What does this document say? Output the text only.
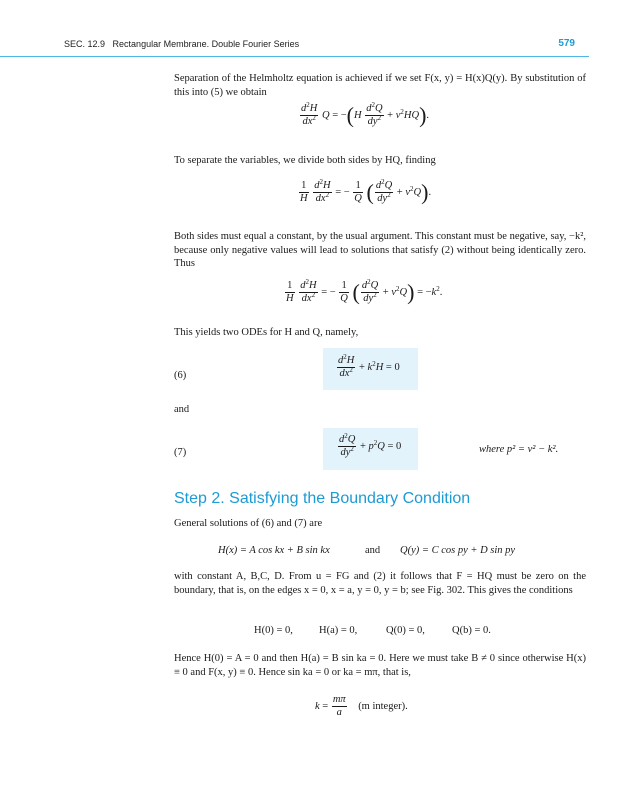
SEC. 12.9 Rectangular Membrane. Double Fourier Series	579

Separation of the Helmholtz equation is achieved if we set F(x, y) = H(x)Q(y). By substitution of this into (5) we obtain

$\frac{d^2H}{dx^2}$ $Q = -(H \frac{d^2Q}{dy^2} + \nu^2HQ)$.

To separate the variables, we divide both sides by HQ, finding

$\frac{1}{H}$
$\frac{d^2H}{dx^2}$ = − $\frac{1}{Q}$ ( $\frac{d^2Q}{dy^2} + \nu^2Q$).

Both sides must equal a constant, by the usual argument. This constant must be negative, say, −k², because only negative values will lead to solutions that satisfy (2) without being identically zero. Thus

$\frac{1}{H}$
$\frac{d^2H}{dx^2}$ = − $\frac{1}{Q}$ ( $\frac{d^2Q}{dy^2} + \nu^2Q) = -k^2$.

This yields two ODEs for H and Q, namely,

(6)	$\frac{d^2H}{dx^2} + k^2H = 0$

and

(7)	$\frac{d^2Q}{dy^2} + p^2Q = 0$	where p² = ν² − k².
Step 2. Satisfying the Boundary Condition

General solutions of (6) and (7) are

H(x) = A cos kx + B sin kx	and Q(y) = C cos py + D sin py

with constant A, B,C, D. From u = FG and (2) it follows that F = HQ must be zero on the boundary, that is, on the edges x = 0, x = a, y = 0, y = b; see Fig. 302. This gives the conditions

H(0) = 0, H(a) = 0,	Q(0) = 0,	Q(b) = 0.

Hence H(0) = A = 0 and then H(a) = B sin ka = 0. Here we must take B ≠ 0 since otherwise H(x) ≡ 0 and F(x, y) ≡ 0. Hence sin ka = 0 or ka = mπ, that is,

$k = \frac{m\pi}{a} (m$ integer).
